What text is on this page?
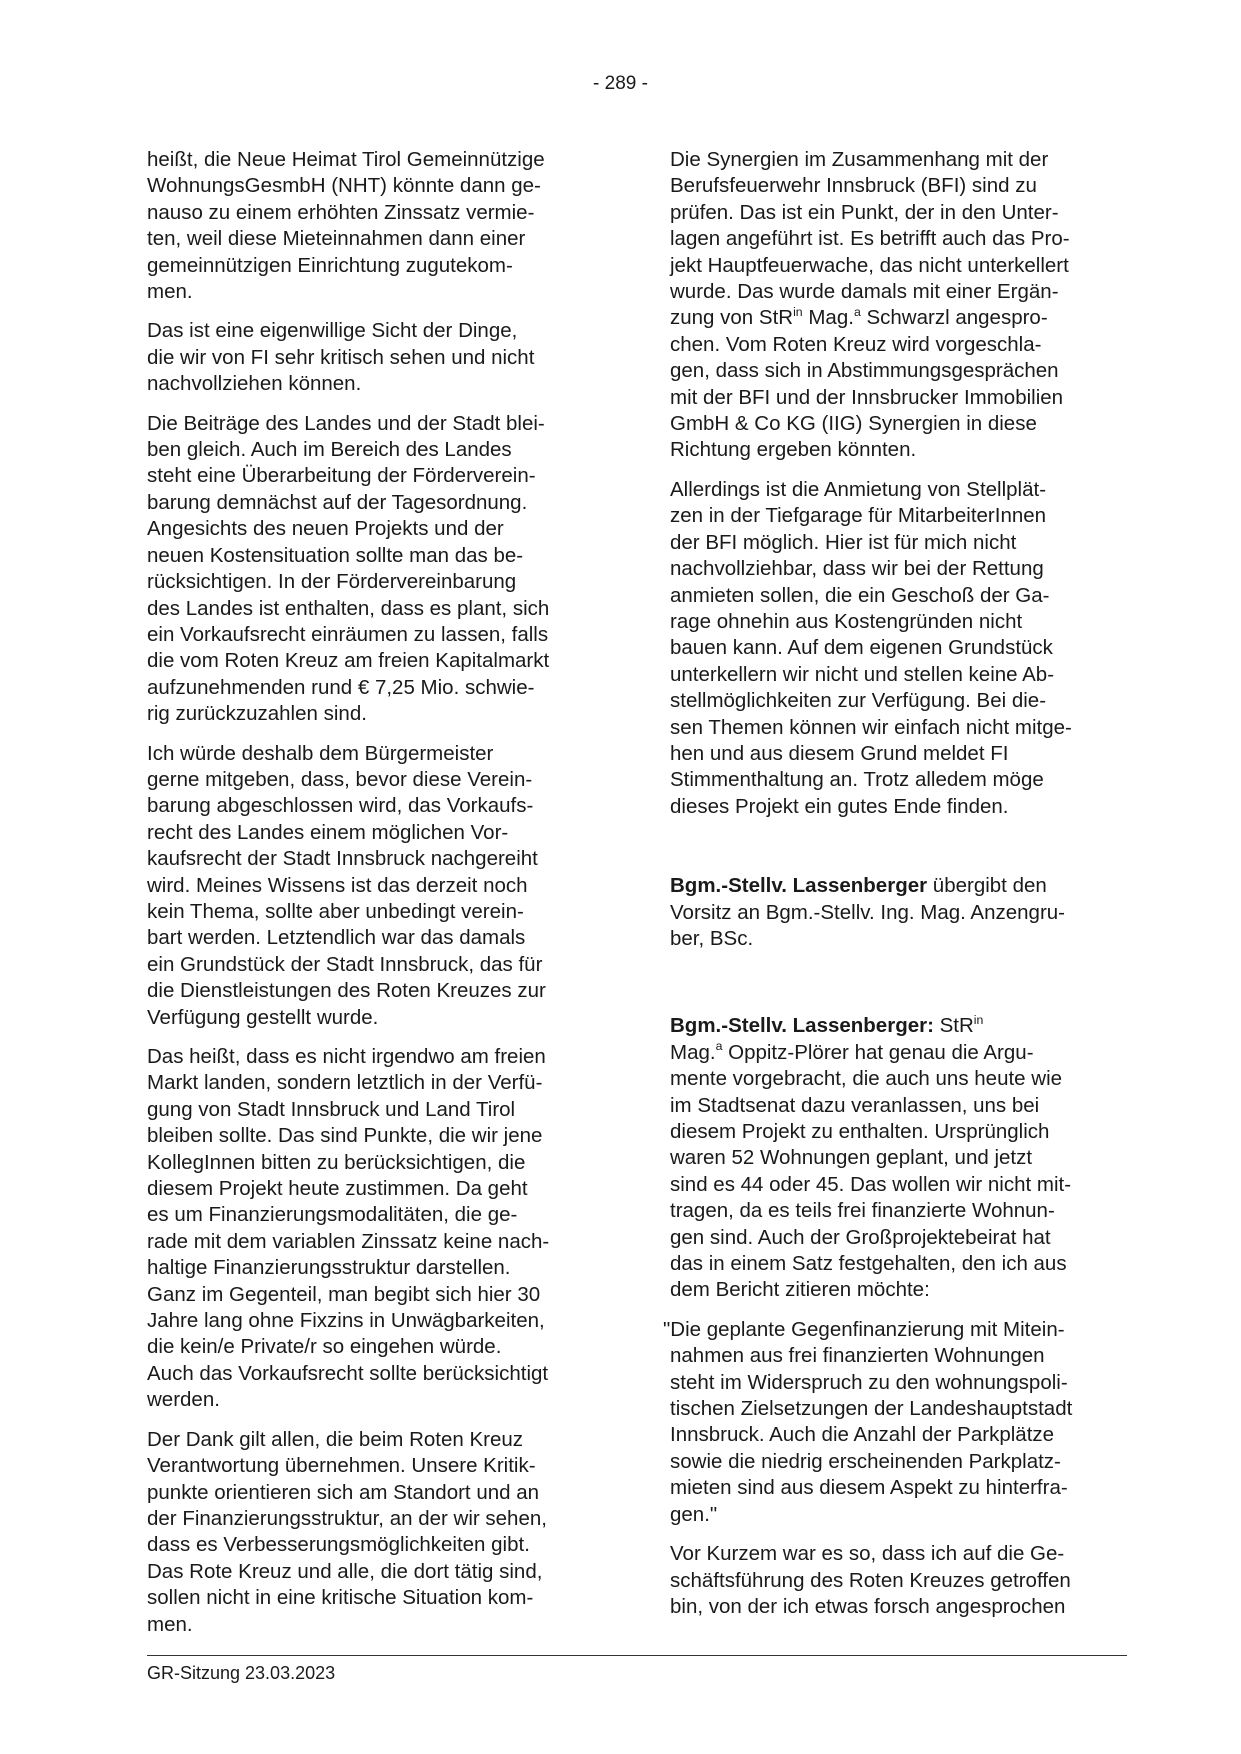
- 289 -

heißt, die Neue Heimat Tirol Gemeinnützige
WohnungsGesmbH (NHT) könnte dann ge-
nauso zu einem erhöhten Zinssatz vermie-
ten, weil diese Mieteinnahmen dann einer
gemeinnützigen Einrichtung zugutekom-
men.

Das ist eine eigenwillige Sicht der Dinge,
die wir von FI sehr kritisch sehen und nicht
nachvollziehen können.

Die Beiträge des Landes und der Stadt blei-
ben gleich. Auch im Bereich des Landes
steht eine Überarbeitung der Förderverein-
barung demnächst auf der Tagesordnung.
Angesichts des neuen Projekts und der
neuen Kostensituation sollte man das be-
rücksichtigen. In der Fördervereinbarung
des Landes ist enthalten, dass es plant, sich
ein Vorkaufsrecht einräumen zu lassen, falls
die vom Roten Kreuz am freien Kapitalmarkt
aufzunehmenden rund € 7,25 Mio. schwie-
rig zurückzuzahlen sind.

Ich würde deshalb dem Bürgermeister
gerne mitgeben, dass, bevor diese Verein-
barung abgeschlossen wird, das Vorkaufs-
recht des Landes einem möglichen Vor-
kaufsrecht der Stadt Innsbruck nachgereiht
wird. Meines Wissens ist das derzeit noch
kein Thema, sollte aber unbedingt verein-
bart werden. Letztendlich war das damals
ein Grundstück der Stadt Innsbruck, das für
die Dienstleistungen des Roten Kreuzes zur
Verfügung gestellt wurde.

Das heißt, dass es nicht irgendwo am freien
Markt landen, sondern letztlich in der Verfü-
gung von Stadt Innsbruck und Land Tirol
bleiben sollte. Das sind Punkte, die wir jene
KollegInnen bitten zu berücksichtigen, die
diesem Projekt heute zustimmen. Da geht
es um Finanzierungsmodalitäten, die ge-
rade mit dem variablen Zinssatz keine nach-
haltige Finanzierungsstruktur darstellen.
Ganz im Gegenteil, man begibt sich hier 30
Jahre lang ohne Fixzins in Unwägbarkeiten,
die kein/e Private/r so eingehen würde.
Auch das Vorkaufsrecht sollte berücksichtigt
werden.

Der Dank gilt allen, die beim Roten Kreuz
Verantwortung übernehmen. Unsere Kritik-
punkte orientieren sich am Standort und an
der Finanzierungsstruktur, an der wir sehen,
dass es Verbesserungsmöglichkeiten gibt.
Das Rote Kreuz und alle, die dort tätig sind,
sollen nicht in eine kritische Situation kom-
men.

Die Synergien im Zusammenhang mit der
Berufsfeuerwehr Innsbruck (BFI) sind zu
prüfen. Das ist ein Punkt, der in den Unter-
lagen angeführt ist. Es betrifft auch das Pro-
jekt Hauptfeuerwache, das nicht unterkellert
wurde. Das wurde damals mit einer Ergän-
zung von StR$^{in}$ Mag.$^a$ Schwarzl angespro-
chen. Vom Roten Kreuz wird vorgeschla-
gen, dass sich in Abstimmungsgesprächen
mit der BFI und der Innsbrucker Immobilien
GmbH & Co KG (IIG) Synergien in diese
Richtung ergeben könnten.

Allerdings ist die Anmietung von Stellplät-
zen in der Tiefgarage für MitarbeiterInnen
der BFI möglich. Hier ist für mich nicht
nachvollziehbar, dass wir bei der Rettung
anmieten sollen, die ein Geschoß der Ga-
rage ohnehin aus Kostengründen nicht
bauen kann. Auf dem eigenen Grundstück
unterkellern wir nicht und stellen keine Ab-
stellmöglichkeiten zur Verfügung. Bei die-
sen Themen können wir einfach nicht mitge-
hen und aus diesem Grund meldet FI
Stimmenthaltung an. Trotz alledem möge
dieses Projekt ein gutes Ende finden.

Bgm.-Stellv. Lassenberger übergibt den
Vorsitz an Bgm.-Stellv. Ing. Mag. Anzengru-
ber, BSc.

Bgm.-Stellv. Lassenberger: StR$^{in}$
Mag.$^a$ Oppitz-Plörer hat genau die Argu-
mente vorgebracht, die auch uns heute wie
im Stadtsenat dazu veranlassen, uns bei
diesem Projekt zu enthalten. Ursprünglich
waren 52 Wohnungen geplant, und jetzt
sind es 44 oder 45. Das wollen wir nicht mit-
tragen, da es teils frei finanzierte Wohnun-
gen sind. Auch der Großprojektebeirat hat
das in einem Satz festgehalten, den ich aus
dem Bericht zitieren möchte:

"Die geplante Gegenfinanzierung mit Mitein-
nahmen aus frei finanzierten Wohnungen
steht im Widerspruch zu den wohnungspoli-
tischen Zielsetzungen der Landeshauptstadt
Innsbruck. Auch die Anzahl der Parkplätze
sowie die niedrig erscheinenden Parkplatz-
mieten sind aus diesem Aspekt zu hinterfra-
gen."

Vor Kurzem war es so, dass ich auf die Ge-
schäftsführung des Roten Kreuzes getroffen
bin, von der ich etwas forsch angesprochen

GR-Sitzung 23.03.2023
